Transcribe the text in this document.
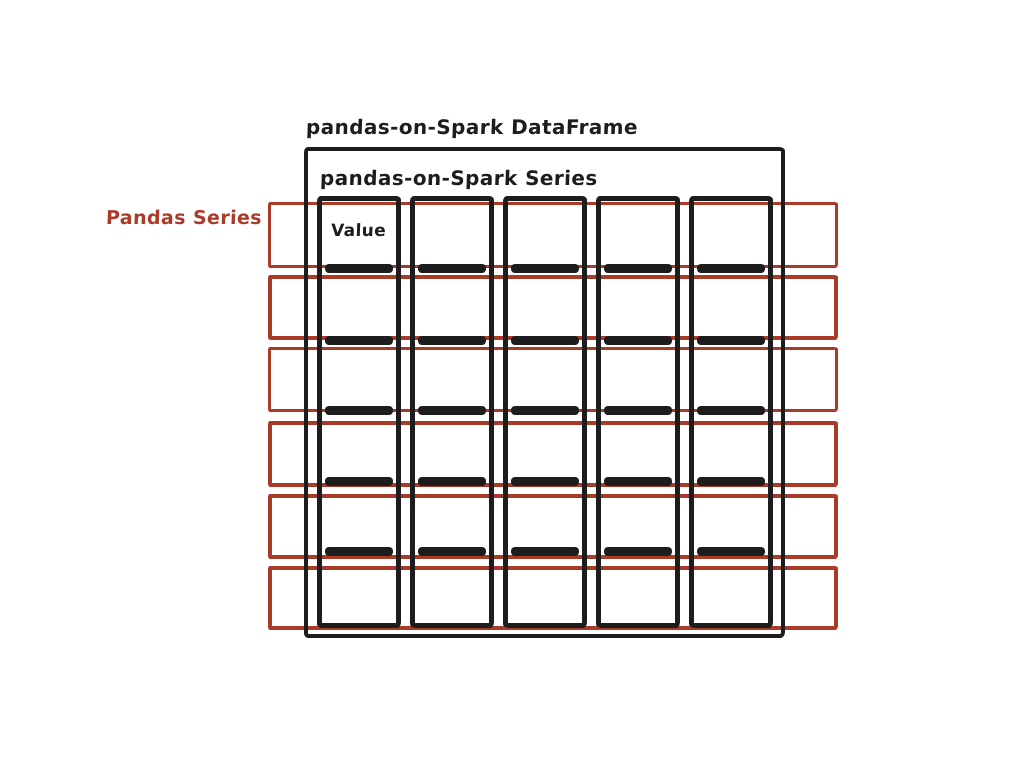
pandas-on-Spark DataFrame
pandas-on-Spark Series
Pandas Series
Value
